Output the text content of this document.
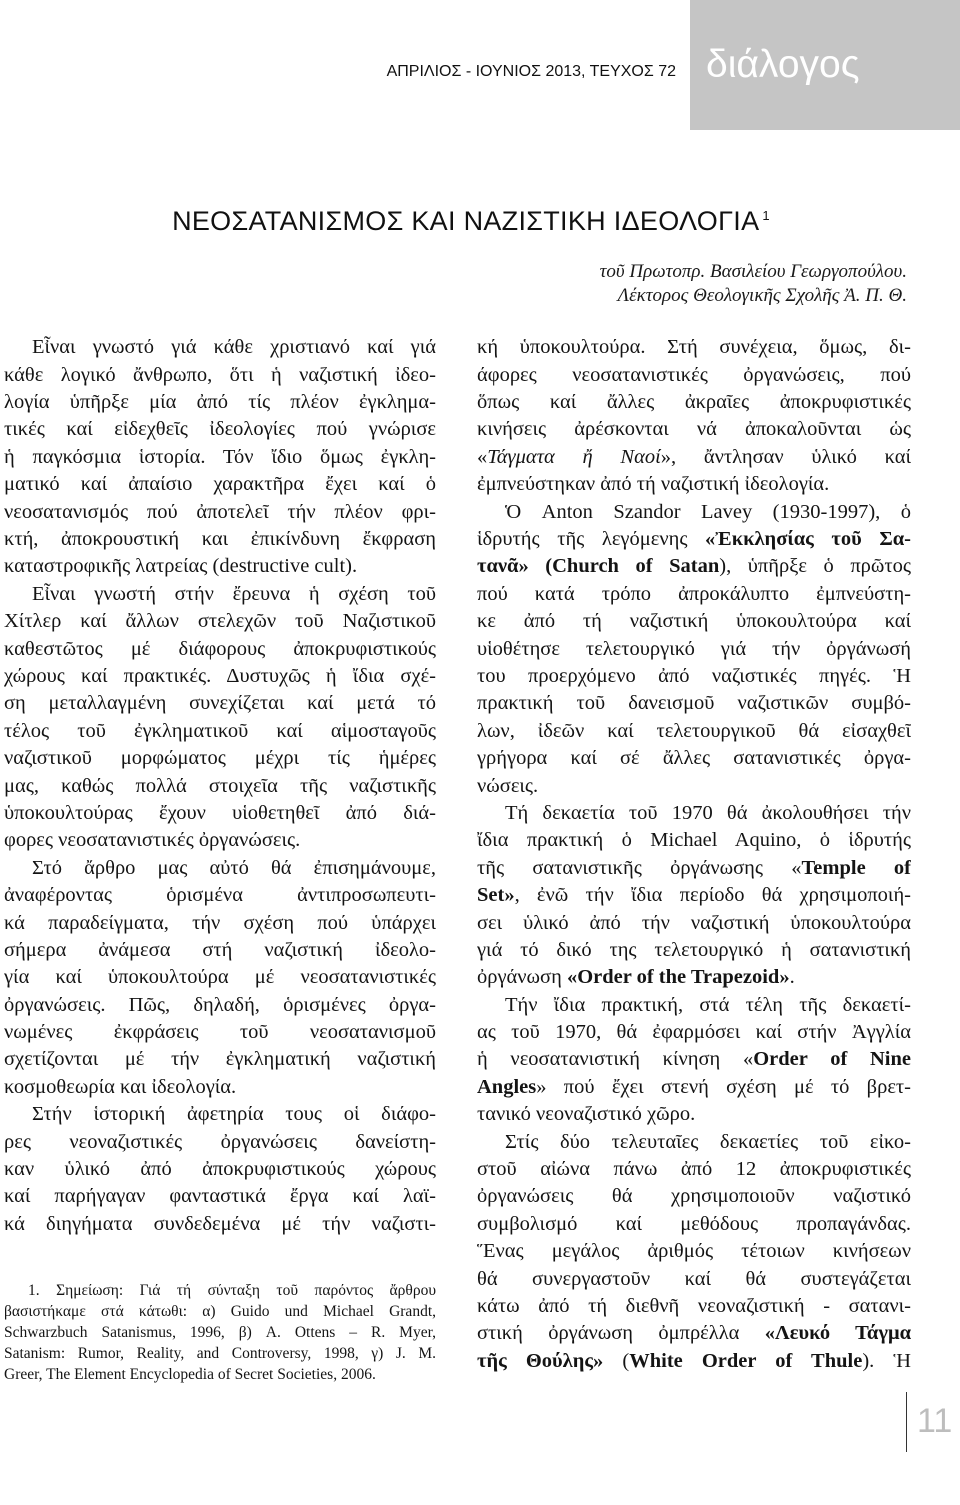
διάλογος
ΑΠΡΙΛΙΟΣ - ΙΟΥΝΙΟΣ 2013, ΤΕΥΧΟΣ 72
ΝΕΟΣΑΤΑΝΙΣΜΟΣ ΚΑΙ ΝΑΖΙΣΤΙΚΗ ΙΔΕΟΛΟΓΙΑ $^1$
τοῦ Πρωτοπρ. Βασιλείου Γεωργοπούλου.
Λέκτορος Θεολογικῆς Σχολῆς Ἀ. Π. Θ.
Εἶναι γνωστό γιά κάθε χριστιανό καί γιά
κάθε λογικό ἄνθρωπο, ὅτι ἡ ναζιστική ἰδεο-
λογία ὑπῆρξε μία ἀπό τίς πλέον ἐγκλημα-
τικές καί εἰδεχθεῖς ἰδεολογίες πού γνώρισε
ἡ παγκόσμια ἱστορία. Τόν ἴδιο ὅμως ἐγκλη-
ματικό καί ἀπαίσιο χαρακτῆρα ἔχει καί ὁ
νεοσατανισμός πού ἀποτελεῖ τήν πλέον φρι-
κτή, ἀποκρουστική και ἐπικίνδυνη ἔκφραση
καταστροφικῆς λατρείας (destructive cult).
Εἶναι γνωστή στήν ἔρευνα ἡ σχέση τοῦ
Χίτλερ καί ἄλλων στελεχῶν τοῦ Ναζιστικοῦ
καθεστῶτος μέ διάφορους ἀποκρυφιστικούς
χώρους καί πρακτικές. Δυστυχῶς ἡ ἴδια σχέ-
ση μεταλλαγμένη συνεχίζεται καί μετά τό
τέλος τοῦ ἐγκληματικοῦ καί αἱμοσταγοῦς
ναζιστικοῦ μορφώματος μέχρι τίς ἡμέρες
μας, καθώς πολλά στοιχεῖα τῆς ναζιστικῆς
ὑποκουλτούρας ἔχουν υἱοθετηθεῖ ἀπό διά-
φορες νεοσατανιστικές ὀργανώσεις.
Στό ἄρθρο μας αὐτό θά ἐπισημάνουμε,
ἀναφέροντας ὁρισμένα ἀντιπροσωπευτι-
κά παραδείγματα, τήν σχέση πού ὑπάρχει
σήμερα ἀνάμεσα στή ναζιστική ἰδεολο-
γία καί ὑποκουλτούρα μέ νεοσατανιστικές
ὀργανώσεις. Πῶς, δηλαδή, ὁρισμένες ὀργα-
νωμένες ἐκφράσεις τοῦ νεοσατανισμοῦ
σχετίζονται μέ τήν ἐγκληματική ναζιστική
κοσμοθεωρία και ἰδεολογία.
Στήν ἱστορική ἀφετηρία τους οἱ διάφο-
ρες νεοναζιστικές ὀργανώσεις δανείστη-
καν ὑλικό ἀπό ἀποκρυφιστικούς χώρους
καί παρήγαγαν φανταστικά ἔργα καί λαϊ-
κά διηγήματα συνδεδεμένα μέ τήν ναζιστι-
κή ὑποκουλτούρα. Στή συνέχεια, ὅμως, δι-
άφορες νεοσατανιστικές ὀργανώσεις, πού
ὅπως καί ἄλλες ἀκραῖες ἀποκρυφιστικές
κινήσεις ἀρέσκονται νά ἀποκαλοῦνται ὡς
«Τάγματα ἤ Ναοί», ἄντλησαν ὑλικό καί
ἐμπνεύστηκαν ἀπό τή ναζιστική ἰδεολογία.
Ὁ Anton Szandor Lavey (1930-1997), ὁ
ἱδρυτής τῆς λεγόμενης «Ἐκκλησίας τοῦ Σα-
τανᾶ» (Church of Satan), ὑπῆρξε ὁ πρῶτος
πού κατά τρόπο ἀπροκάλυπτο ἐμπνεύστη-
κε ἀπό τή ναζιστική ὑποκουλτούρα καί
υἱοθέτησε τελετουργικό γιά τήν ὀργάνωσή
του προερχόμενο ἀπό ναζιστικές πηγές. Ἡ
πρακτική τοῦ δανεισμοῦ ναζιστικῶν συμβό-
λων, ἰδεῶν καί τελετουργικοῦ θά εἰσαχθεῖ
γρήγορα καί σέ ἄλλες σατανιστικές ὀργα-
νώσεις.
Τή δεκαετία τοῦ 1970 θά ἀκολουθήσει τήν
ἴδια πρακτική ὁ Michael Aquino, ὁ ἱδρυτής
τῆς σατανιστικῆς ὀργάνωσης «Temple of
Set», ἐνῶ τήν ἴδια περίοδο θά χρησιμοποιή-
σει ὑλικό ἀπό τήν ναζιστική ὑποκουλτούρα
γιά τό δικό της τελετουργικό ἡ σατανιστική
ὀργάνωση «Order of the Trapezoid».
Τήν ἴδια πρακτική, στά τέλη τῆς δεκαετί-
ας τοῦ 1970, θά ἐφαρμόσει καί στήν Ἀγγλία
ἡ νεοσατανιστική κίνηση «Order of Nine
Angles» πού ἔχει στενή σχέση μέ τό βρετ-
τανικό νεοναζιστικό χῶρο.
Στίς δύο τελευταῖες δεκαετίες τοῦ εἰκο-
στοῦ αἰώνα πάνω ἀπό 12 ἀποκρυφιστικές
ὀργανώσεις θά χρησιμοποιοῦν ναζιστικό
συμβολισμό καί μεθόδους προπαγάνδας.
Ἕνας μεγάλος ἀριθμός τέτοιων κινήσεων
θά συνεργαστοῦν καί θά συστεγάζεται
κάτω ἀπό τή διεθνῆ νεοναζιστική - σατανι-
στική ὀργάνωση ὀμπρέλλα «Λευκό Τάγμα
τῆς Θούλης» (White Order of Thule). Ἡ
1. Σημείωση: Γιά τή σύνταξη τοῦ παρόντος ἄρθρου
βασιστήκαμε στά κάτωθι: α) Guido und Michael Grandt,
Schwarzbuch Satanismus, 1996, β) A. Ottens – R. Myer,
Satanism: Rumor, Reality, and Controversy, 1998, γ) J. M.
Greer, The Element Encyclopedia of Secret Societies, 2006.
11
